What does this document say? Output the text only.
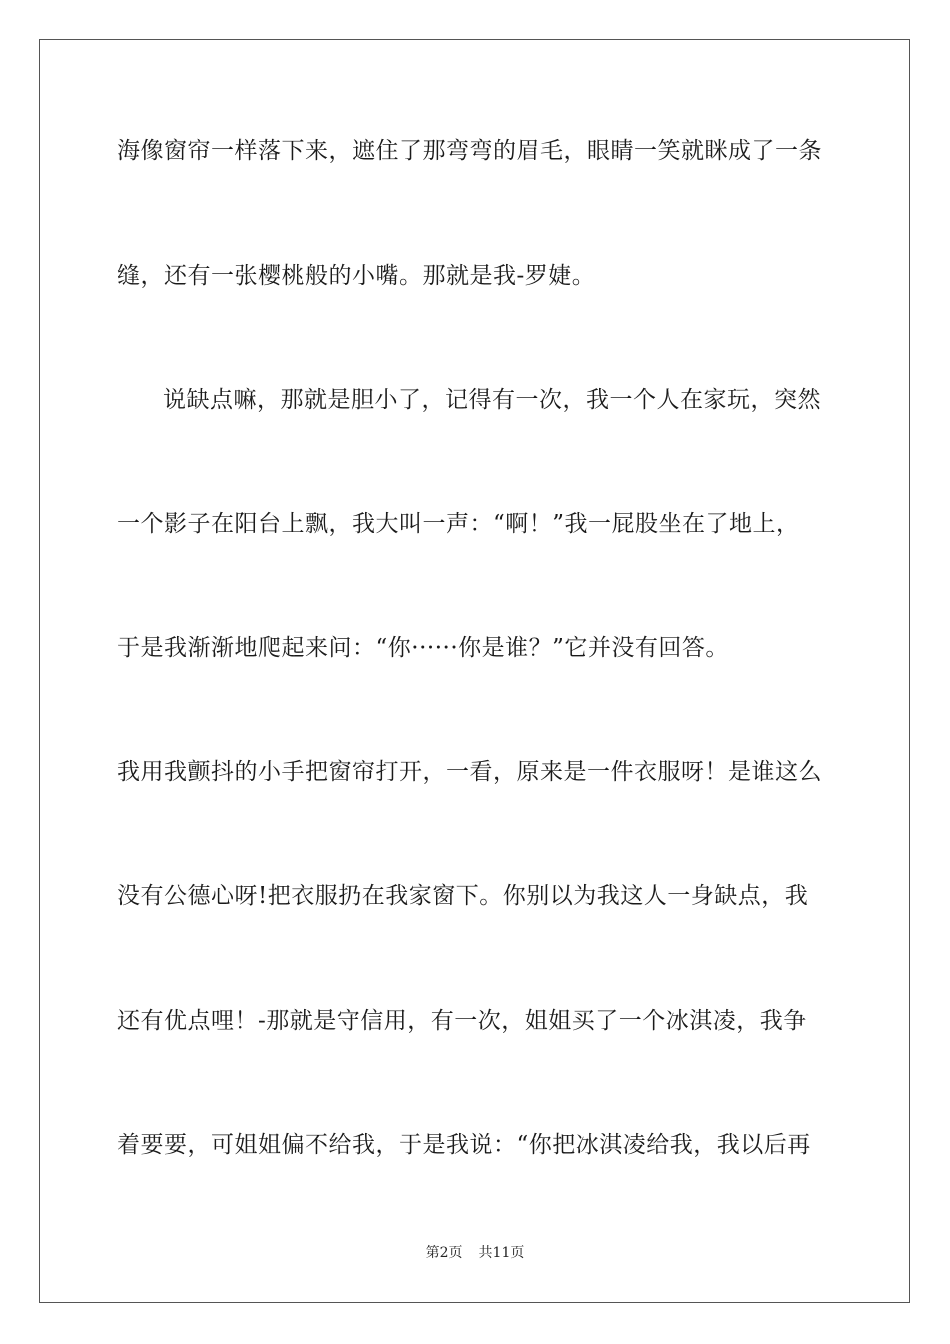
海像窗帘一样落下来，遮住了那弯弯的眉毛，眼睛一笑就眯成了一条
缝，还有一张樱桃般的小嘴。那就是我-罗婕。
说缺点嘛，那就是胆小了，记得有一次，我一个人在家玩，突然
一个影子在阳台上飘，我大叫一声：“啊！”我一屁股坐在了地上，
于是我渐渐地爬起来问：“你······你是谁？”它并没有回答。
我用我颤抖的小手把窗帘打开，一看，原来是一件衣服呀！是谁这么
没有公德心呀!把衣服扔在我家窗下。你别以为我这人一身缺点，我
还有优点哩！-那就是守信用，有一次，姐姐买了一个冰淇凌，我争
着要要，可姐姐偏不给我，于是我说：“你把冰淇凌给我，我以后再
第2页 共11页
